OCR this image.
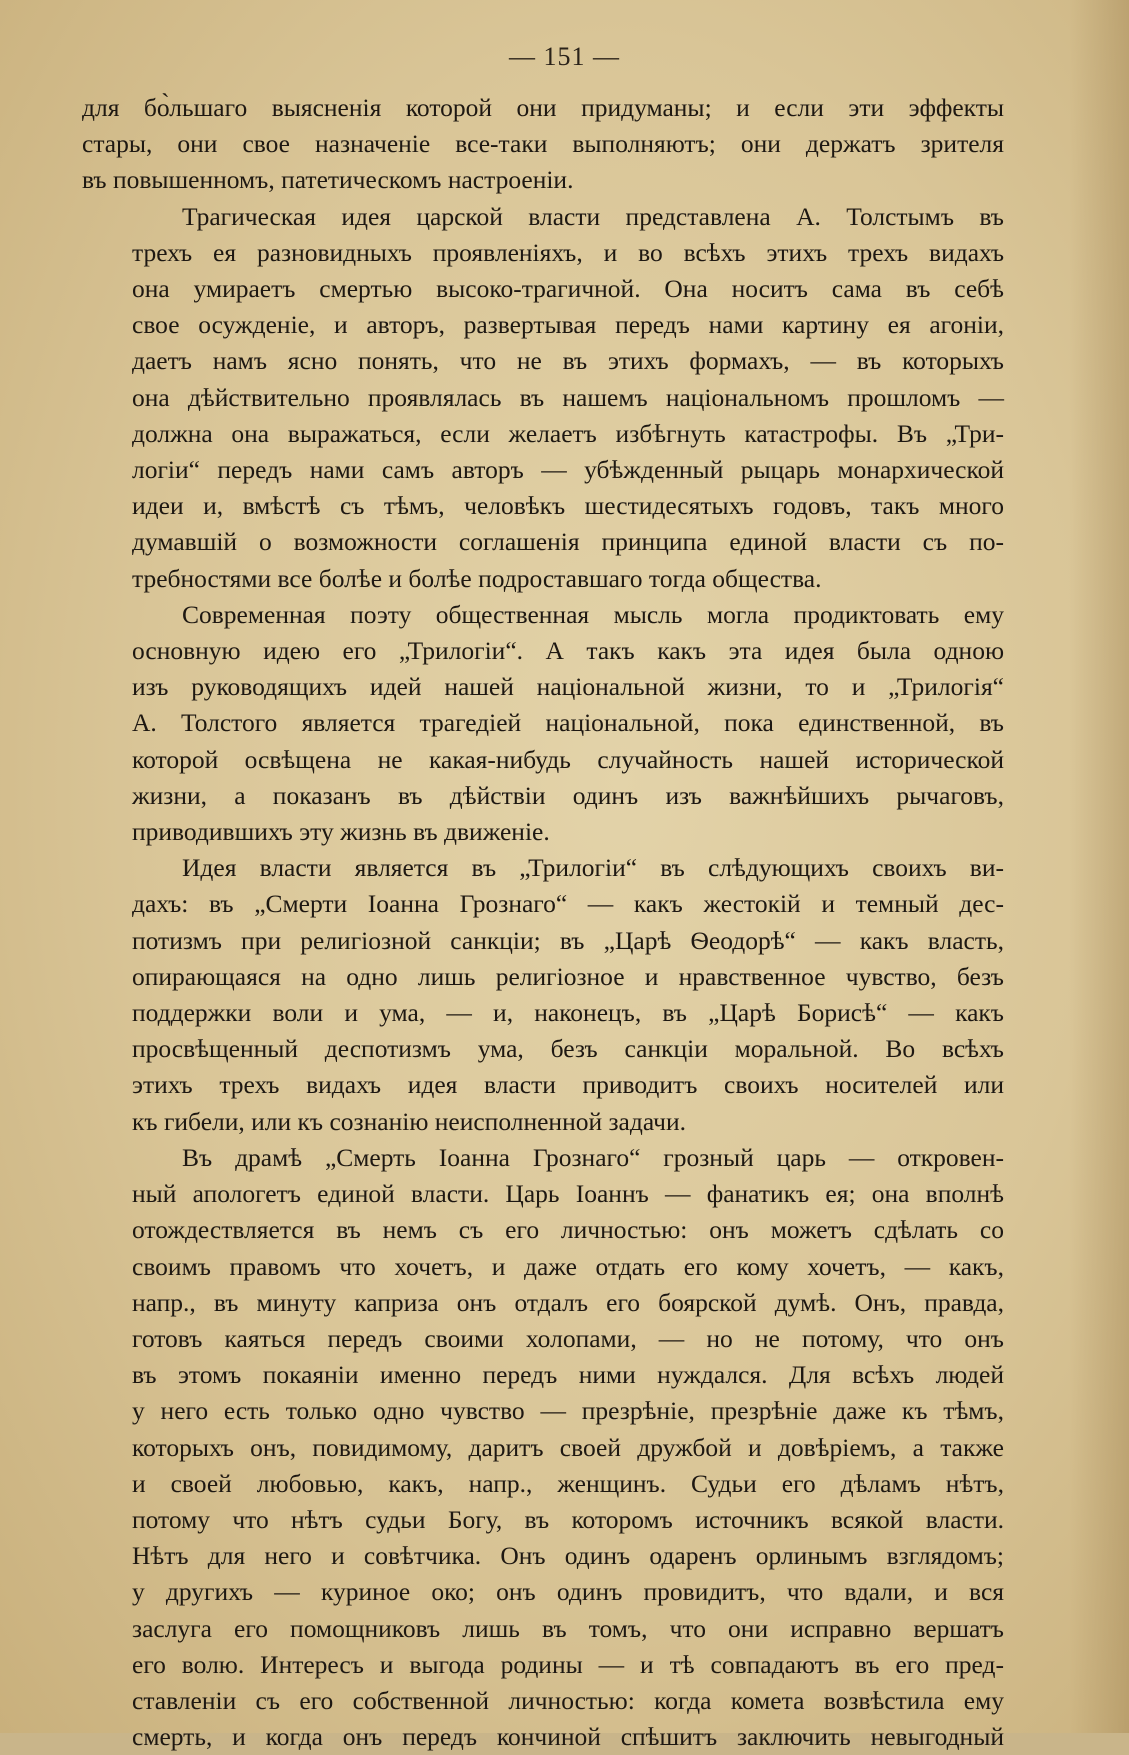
— 151 —
для бо̀льшаго выясненія которой они придуманы; и если эти эффекты
стары, они свое назначеніе все-таки выполняютъ; они держатъ зрителя
въ повышенномъ, патетическомъ настроеніи.
Трагическая идея царской власти представлена А. Толстымъ въ
трехъ ея разновидныхъ проявленіяхъ, и во всѣхъ этихъ трехъ видахъ
она умираетъ смертью высоко-трагичной. Она носитъ сама въ себѣ
свое осужденіе, и авторъ, развертывая передъ нами картину ея агоніи,
даетъ намъ ясно понять, что не въ этихъ формахъ, — въ которыхъ
она дѣйствительно проявлялась въ нашемъ національномъ прошломъ —
должна она выражаться, если желаетъ избѣгнуть катастрофы. Въ „Три-
логіи“ передъ нами самъ авторъ — убѣжденный рыцарь монархической
идеи и, вмѣстѣ съ тѣмъ, человѣкъ шестидесятыхъ годовъ, такъ много
думавшій о возможности соглашенія принципа единой власти съ по-
требностями все болѣе и болѣе подроставшаго тогда общества.
Современная поэту общественная мысль могла продиктовать ему
основную идею его „Трилогіи“. А такъ какъ эта идея была одною
изъ руководящихъ идей нашей національной жизни, то и „Трилогія“
А. Толстого является трагедіей національной, пока единственной, въ
которой освѣщена не какая-нибудь случайность нашей исторической
жизни, а показанъ въ дѣйствіи одинъ изъ важнѣйшихъ рычаговъ,
приводившихъ эту жизнь въ движеніе.
Идея власти является въ „Трилогіи“ въ слѣдующихъ своихъ ви-
дахъ: въ „Смерти Іоанна Грознаго“ — какъ жестокій и темный дес-
потизмъ при религіозной санкціи; въ „Царѣ Ѳеодорѣ“ — какъ власть,
опирающаяся на одно лишь религіозное и нравственное чувство, безъ
поддержки воли и ума, — и, наконецъ, въ „Царѣ Борисѣ“ — какъ
просвѣщенный деспотизмъ ума, безъ санкціи моральной. Во всѣхъ
этихъ трехъ видахъ идея власти приводитъ своихъ носителей или
къ гибели, или къ сознанію неисполненной задачи.
Въ драмѣ „Смерть Іоанна Грознаго“ грозный царь — откровен-
ный апологетъ единой власти. Царь Іоаннъ — фанатикъ ея; она вполнѣ
отождествляется въ немъ съ его личностью: онъ можетъ сдѣлать со
своимъ правомъ что хочетъ, и даже отдать его кому хочетъ, — какъ,
напр., въ минуту каприза онъ отдалъ его боярской думѣ. Онъ, правда,
готовъ каяться передъ своими холопами, — но не потому, что онъ
въ этомъ покаяніи именно передъ ними нуждался. Для всѣхъ людей
у него есть только одно чувство — презрѣніе, презрѣніе даже къ тѣмъ,
которыхъ онъ, повидимому, даритъ своей дружбой и довѣріемъ, а также
и своей любовью, какъ, напр., женщинъ. Судьи его дѣламъ нѣтъ,
потому что нѣтъ судьи Богу, въ которомъ источникъ всякой власти.
Нѣтъ для него и совѣтчика. Онъ одинъ одаренъ орлинымъ взглядомъ;
у другихъ — куриное око; онъ одинъ провидитъ, что вдали, и вся
заслуга его помощниковъ лишь въ томъ, что они исправно вершатъ
его волю. Интересъ и выгода родины — и тѣ совпадаютъ въ его пред-
ставленіи съ его собственной личностью: когда комета возвѣстила ему
смерть, и когда онъ передъ кончиной спѣшитъ заключить невыгодный
